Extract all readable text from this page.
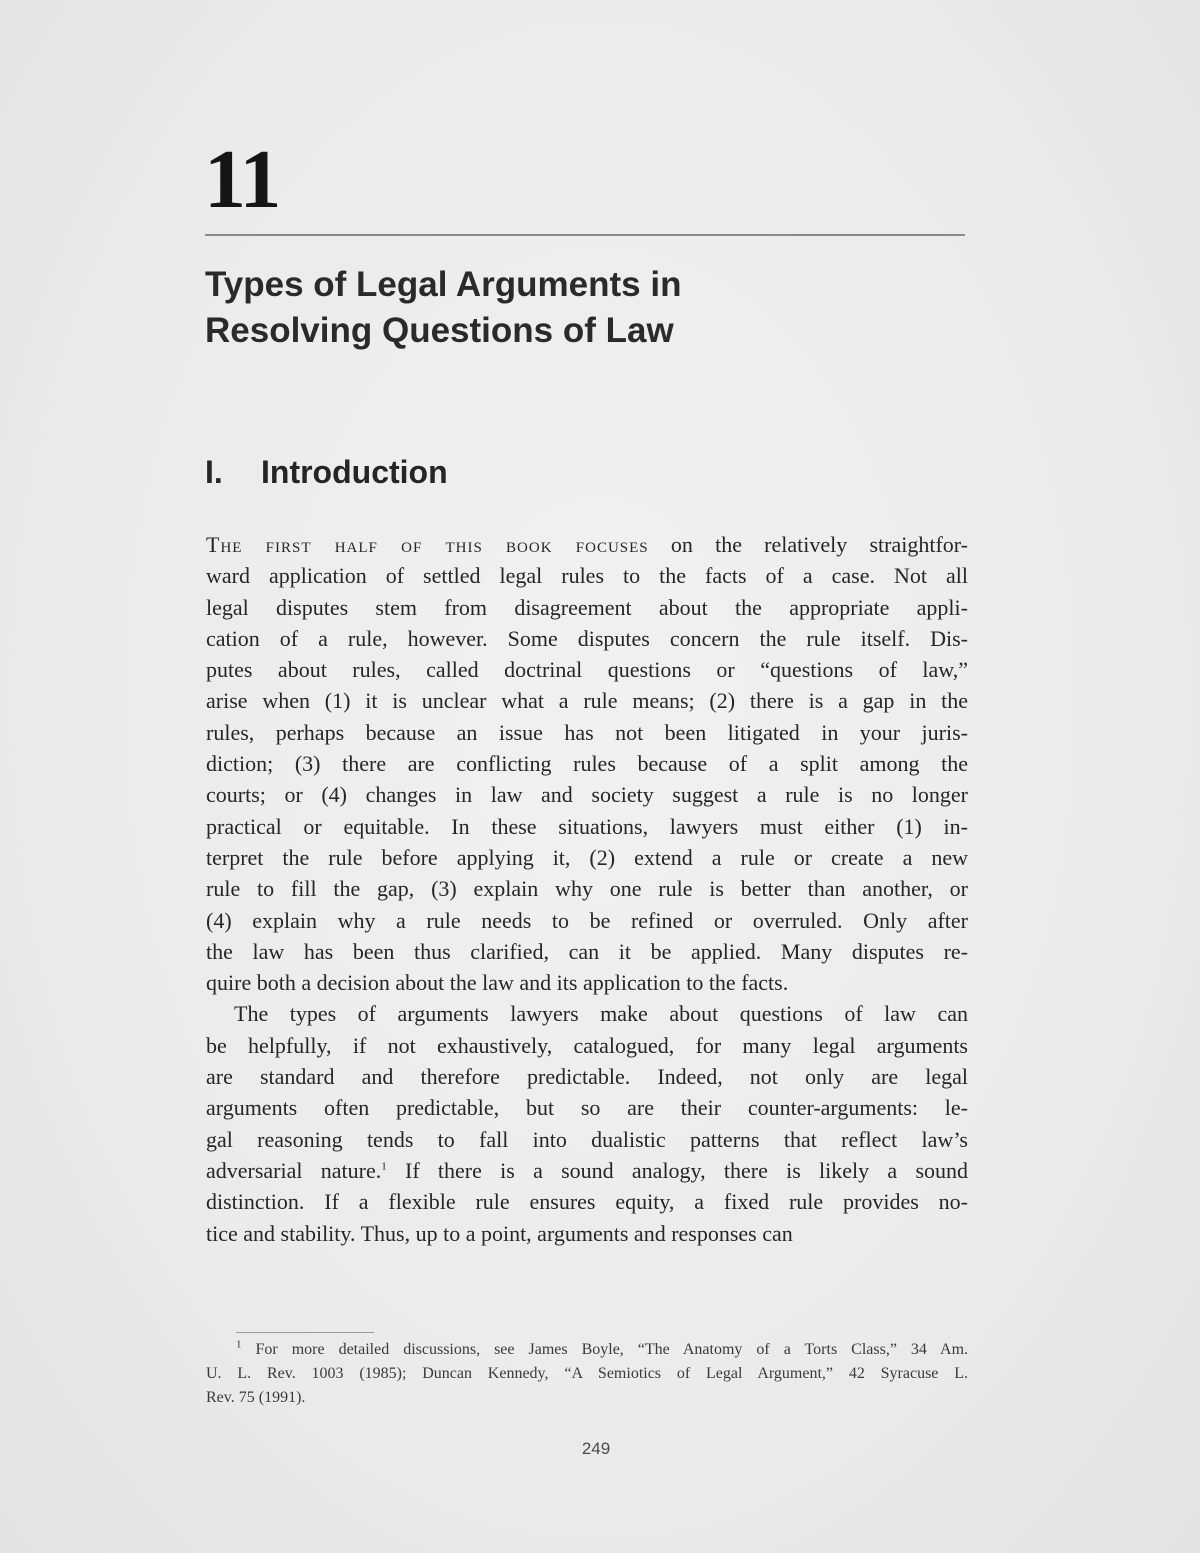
11
Types of Legal Arguments in
Resolving Questions of Law
I. Introduction
The first half of this book focuses on the relatively straightfor-
ward application of settled legal rules to the facts of a case. Not all
legal disputes stem from disagreement about the appropriate appli-
cation of a rule, however. Some disputes concern the rule itself. Dis-
putes about rules, called doctrinal questions or “questions of law,”
arise when (1) it is unclear what a rule means; (2) there is a gap in the
rules, perhaps because an issue has not been litigated in your juris-
diction; (3) there are conflicting rules because of a split among the
courts; or (4) changes in law and society suggest a rule is no longer
practical or equitable. In these situations, lawyers must either (1) in-
terpret the rule before applying it, (2) extend a rule or create a new
rule to fill the gap, (3) explain why one rule is better than another, or
(4) explain why a rule needs to be refined or overruled. Only after
the law has been thus clarified, can it be applied. Many disputes re-
quire both a decision about the law and its application to the facts.
The types of arguments lawyers make about questions of law can
be helpfully, if not exhaustively, catalogued, for many legal arguments
are standard and therefore predictable. Indeed, not only are legal
arguments often predictable, but so are their counter-arguments: le-
gal reasoning tends to fall into dualistic patterns that reflect law’s
adversarial nature.$^1$ If there is a sound analogy, there is likely a sound
distinction. If a flexible rule ensures equity, a fixed rule provides no-
tice and stability. Thus, up to a point, arguments and responses can
$^1$ For more detailed discussions, see James Boyle, “The Anatomy of a Torts Class,” 34 Am.
U. L. Rev. 1003 (1985); Duncan Kennedy, “A Semiotics of Legal Argument,” 42 Syracuse L.
Rev. 75 (1991).
249
